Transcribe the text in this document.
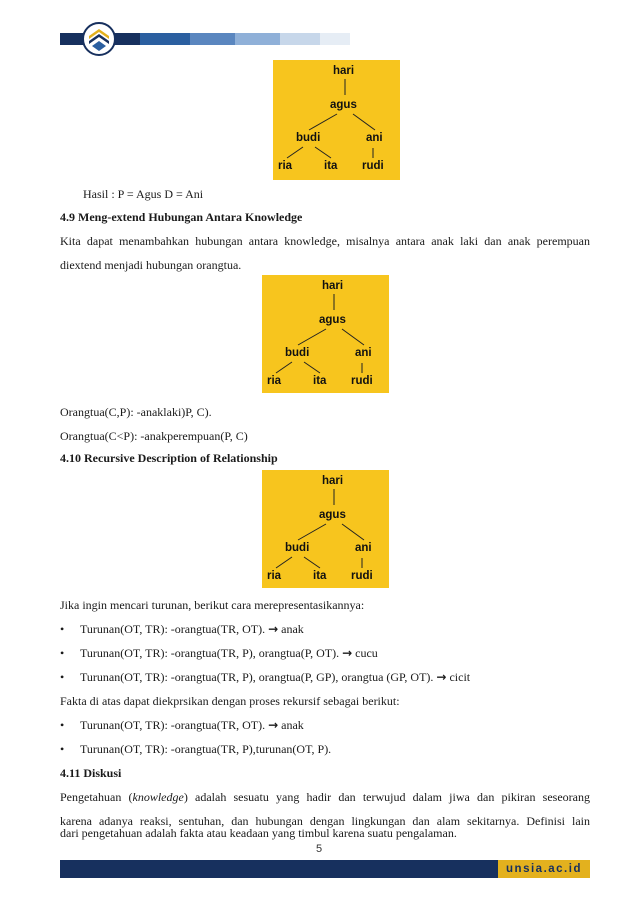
hari
agus
budi	ani
ria	ita rudi
Hasil : P = Agus D = Ani
4.9 Meng-extend Hubungan Antara Knowledge
Kita dapat menambahkan hubungan antara knowledge, misalnya antara anak laki dan anak perempuan
diextend menjadi hubungan orangtua.
hari
agus
budi	ani
ria	ita rudi
Orangtua(C,P): -anaklaki)P, C).
Orangtua(C<P): -anakperempuan(P, C)
4.10 Recursive Description of Relationship
hari
agus
budi	ani
ria	ita rudi
Jika ingin mencari turunan, berikut cara merepresentasikannya:
• Turunan(OT, TR): -orangtua(TR, OT). → anak
• Turunan(OT, TR): -orangtua(TR, P), orangtua(P, OT). → cucu
• Turunan(OT, TR): -orangtua(TR, P), orangtua(P, GP), orangtua (GP, OT). → cicit
Fakta di atas dapat diekprsikan dengan proses rekursif sebagai berikut:
• Turunan(OT, TR): -orangtua(TR, OT). → anak
• Turunan(OT, TR): -orangtua(TR, P),turunan(OT, P).
4.11 Diskusi
Pengetahuan (knowledge) adalah sesuatu yang hadir dan terwujud dalam jiwa dan pikiran seseorang
karena adanya reaksi, sentuhan, dan hubungan dengan lingkungan dan alam sekitarnya. Definisi lain
dari pengetahuan adalah fakta atau keadaan yang timbul karena suatu pengalaman.
5
unsia.ac.id
